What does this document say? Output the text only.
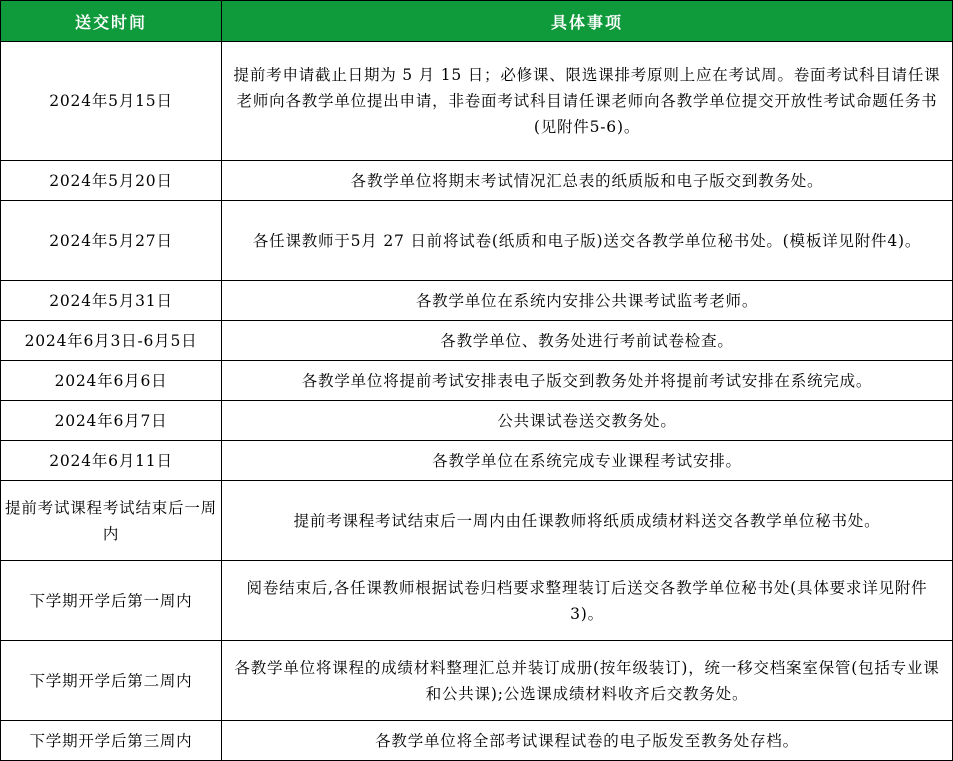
送交时间	具体事项
2024年5月15日	提前考申请截止日期为 5 月 15 日；必修课、限选课排考原则上应在考试周。卷面考试科目请任课老师向各教学单位提出申请，非卷面考试科目请任课老师向各教学单位提交开放性考试命题任务书(见附件5-6)。
2024年5月20日	各教学单位将期末考试情况汇总表的纸质版和电子版交到教务处。
2024年5月27日	各任课教师于5月 27 日前将试卷(纸质和电子版)送交各教学单位秘书处。(模板详见附件4)。
2024年5月31日	各教学单位在系统内安排公共课考试监考老师。
2024年6月3日-6月5日	各教学单位、教务处进行考前试卷检查。
2024年6月6日	各教学单位将提前考试安排表电子版交到教务处并将提前考试安排在系统完成。
2024年6月7日	公共课试卷送交教务处。
2024年6月11日	各教学单位在系统完成专业课程考试安排。
提前考试课程考试结束后一周内	提前考课程考试结束后一周内由任课教师将纸质成绩材料送交各教学单位秘书处。
下学期开学后第一周内	阅卷结束后,各任课教师根据试卷归档要求整理装订后送交各教学单位秘书处(具体要求详见附件 3)。
下学期开学后第二周内	各教学单位将课程的成绩材料整理汇总并装订成册(按年级装订)，统一移交档案室保管(包括专业课和公共课);公选课成绩材料收齐后交教务处。
下学期开学后第三周内	各教学单位将全部考试课程试卷的电子版发至教务处存档。
